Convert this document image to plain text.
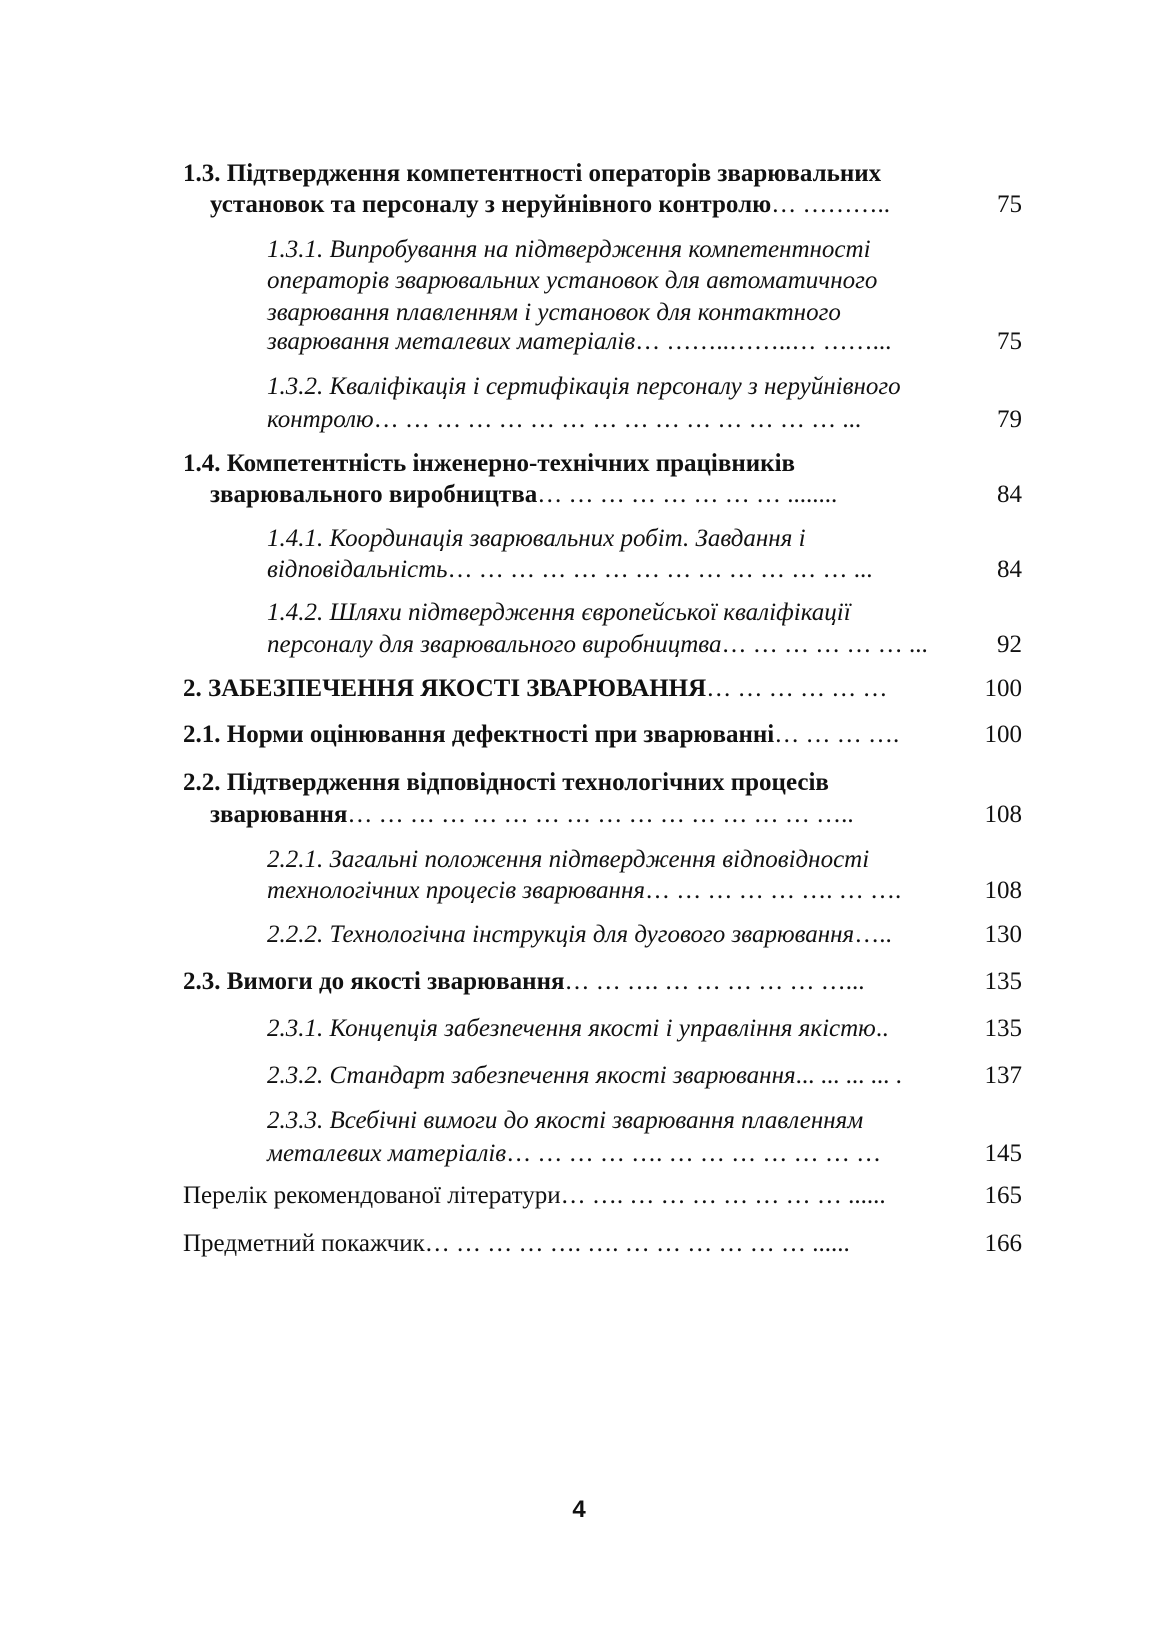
1.3. Підтвердження компетентності операторів зварювальних
установок та персоналу з неруйнівного контролю… ………..	75
1.3.1. Випробування на підтвердження компетентності
операторів зварювальних установок для автоматичного
зварювання плавленням і установок для контактного
зварювання металевих матеріалів… ……..……..… ……...	75
1.3.2. Кваліфікація і сертифікація персоналу з неруйнівного
контролю… … … … … … … … … … … … … … … ...	79
1.4. Компетентність інженерно-технічних працівників
зварювального виробництва… … … … … … … … ........	84
1.4.1. Координація зварювальних робіт. Завдання і
відповідальність… … … … … … … … … … … … … ...	84
1.4.2. Шляхи підтвердження європейської кваліфікації
персоналу для зварювального виробництва… … … … … … ...	92
2. ЗАБЕЗПЕЧЕННЯ ЯКОСТІ ЗВАРЮВАННЯ… … … … … …	100
2.1. Норми оцінювання дефектності при зварюванні… … … ….	100
2.2. Підтвердження відповідності технологічних процесів
зварювання… … … … … … … … … … … … … … … …..	108
2.2.1. Загальні положення підтвердження відповідності
технологічних процесів зварювання… … … … … …. … ….	108
2.2.2. Технологічна інструкція для дугового зварювання…..	130
2.3. Вимоги до якості зварювання… … …. … … … … … …...	135
2.3.1. Концепція забезпечення якості і управління якістю..	135
2.3.2. Стандарт забезпечення якості зварювання... ... ... ... .	137
2.3.3. Всебічні вимоги до якості зварювання плавленням
металевих матеріалів… … … … …. … … … … … … …	145
Перелік рекомендованої літератури… …. … … … … … … … ......	165
Предметний покажчик… … … … …. …. … … … … … … ......	166
4
